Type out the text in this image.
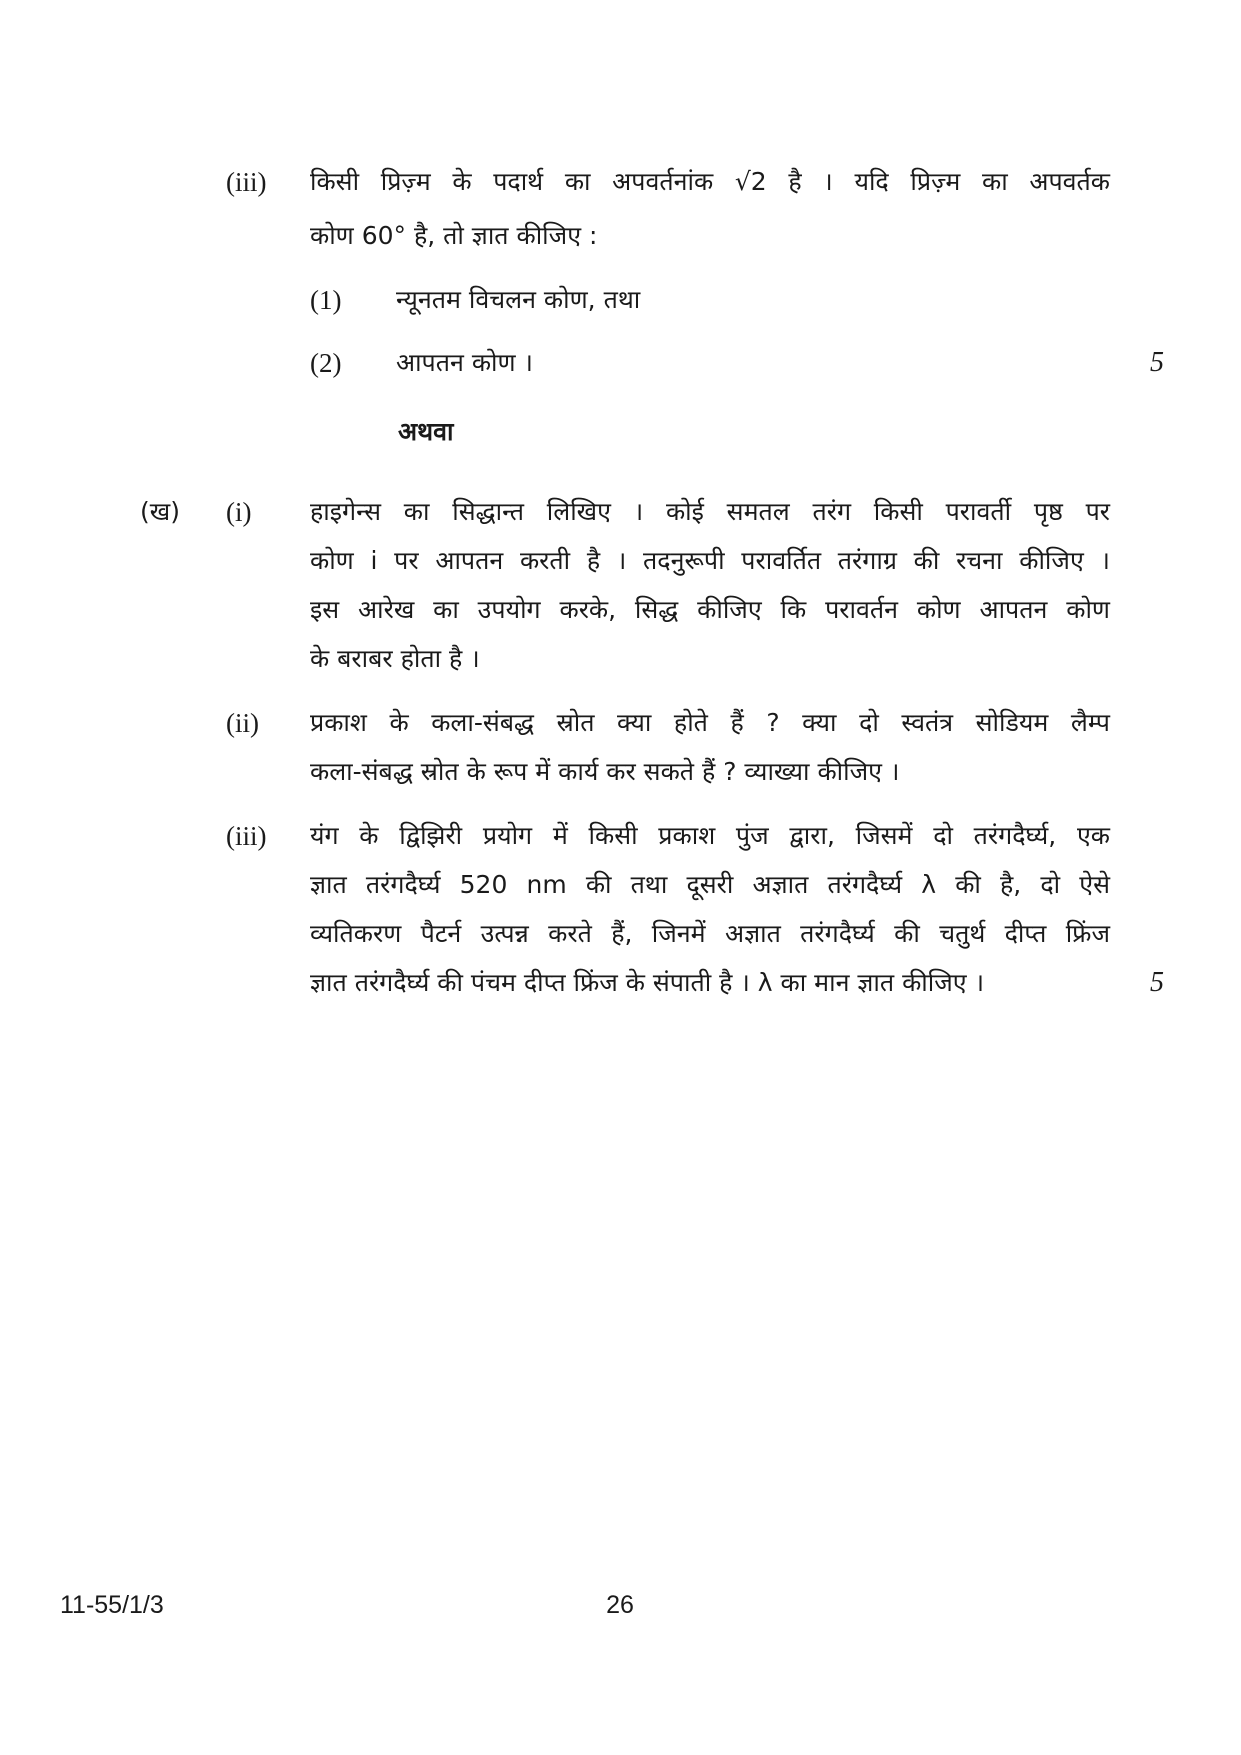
(iii) किसी प्रिज़्म के पदार्थ का अपवर्तनांक √2 है । यदि प्रिज़्म का अपवर्तक
कोण 60° है, तो ज्ञात कीजिए :
(1) न्यूनतम विचलन कोण, तथा
(2) आपतन कोण ।	5
अथवा
(ख) (i) हाइगेन्स का सिद्धान्त लिखिए । कोई समतल तरंग किसी परावर्ती पृष्ठ पर
कोण i पर आपतन करती है । तदनुरूपी परावर्तित तरंगाग्र की रचना कीजिए ।
इस आरेख का उपयोग करके, सिद्ध कीजिए कि परावर्तन कोण आपतन कोण
के बराबर होता है ।
(ii) प्रकाश के कला-संबद्ध स्रोत क्या होते हैं ? क्या दो स्वतंत्र सोडियम लैम्प
कला-संबद्ध स्रोत के रूप में कार्य कर सकते हैं ? व्याख्या कीजिए ।
(iii) यंग के द्विझिरी प्रयोग में किसी प्रकाश पुंज द्वारा, जिसमें दो तरंगदैर्घ्य, एक
ज्ञात तरंगदैर्घ्य 520 nm की तथा दूसरी अज्ञात तरंगदैर्घ्य λ की है, दो ऐसे
व्यतिकरण पैटर्न उत्पन्न करते हैं, जिनमें अज्ञात तरंगदैर्घ्य की चतुर्थ दीप्त फ्रिंज
ज्ञात तरंगदैर्घ्य की पंचम दीप्त फ्रिंज के संपाती है । λ का मान ज्ञात कीजिए ।	5
11-55/1/3	26
